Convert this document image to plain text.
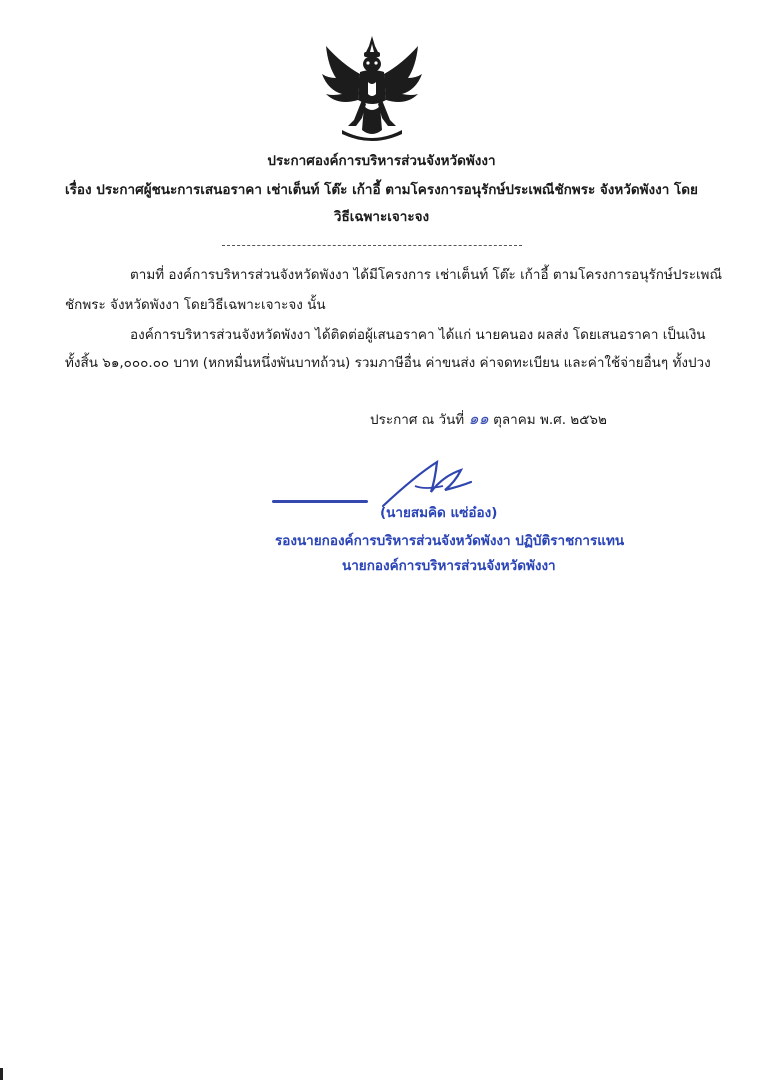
ประกาศองค์การบริหารส่วนจังหวัดพังงา
เรื่อง ประกาศผู้ชนะการเสนอราคา เช่าเต็นท์ โต๊ะ เก้าอี้ ตามโครงการอนุรักษ์ประเพณีชักพระ จังหวัดพังงา โดย
วิธีเฉพาะเจาะจง
ตามที่ องค์การบริหารส่วนจังหวัดพังงา ได้มีโครงการ เช่าเต็นท์ โต๊ะ เก้าอี้ ตามโครงการอนุรักษ์ประเพณี
ชักพระ จังหวัดพังงา โดยวิธีเฉพาะเจาะจง นั้น
องค์การบริหารส่วนจังหวัดพังงา ได้ติดต่อผู้เสนอราคา ได้แก่ นายคนอง ผลส่ง โดยเสนอราคา เป็นเงิน
ทั้งสิ้น ๖๑,๐๐๐.๐๐ บาท (หกหมื่นหนึ่งพันบาทถ้วน) รวมภาษีอื่น ค่าขนส่ง ค่าจดทะเบียน และค่าใช้จ่ายอื่นๆ ทั้งปวง
ประกาศ ณ วันที่ ๑๑ ตุลาคม พ.ศ. ๒๕๖๒
(นายสมคิด แซ่อ๋อง)
รองนายกองค์การบริหารส่วนจังหวัดพังงา ปฏิบัติราชการแทน
นายกองค์การบริหารส่วนจังหวัดพังงา
